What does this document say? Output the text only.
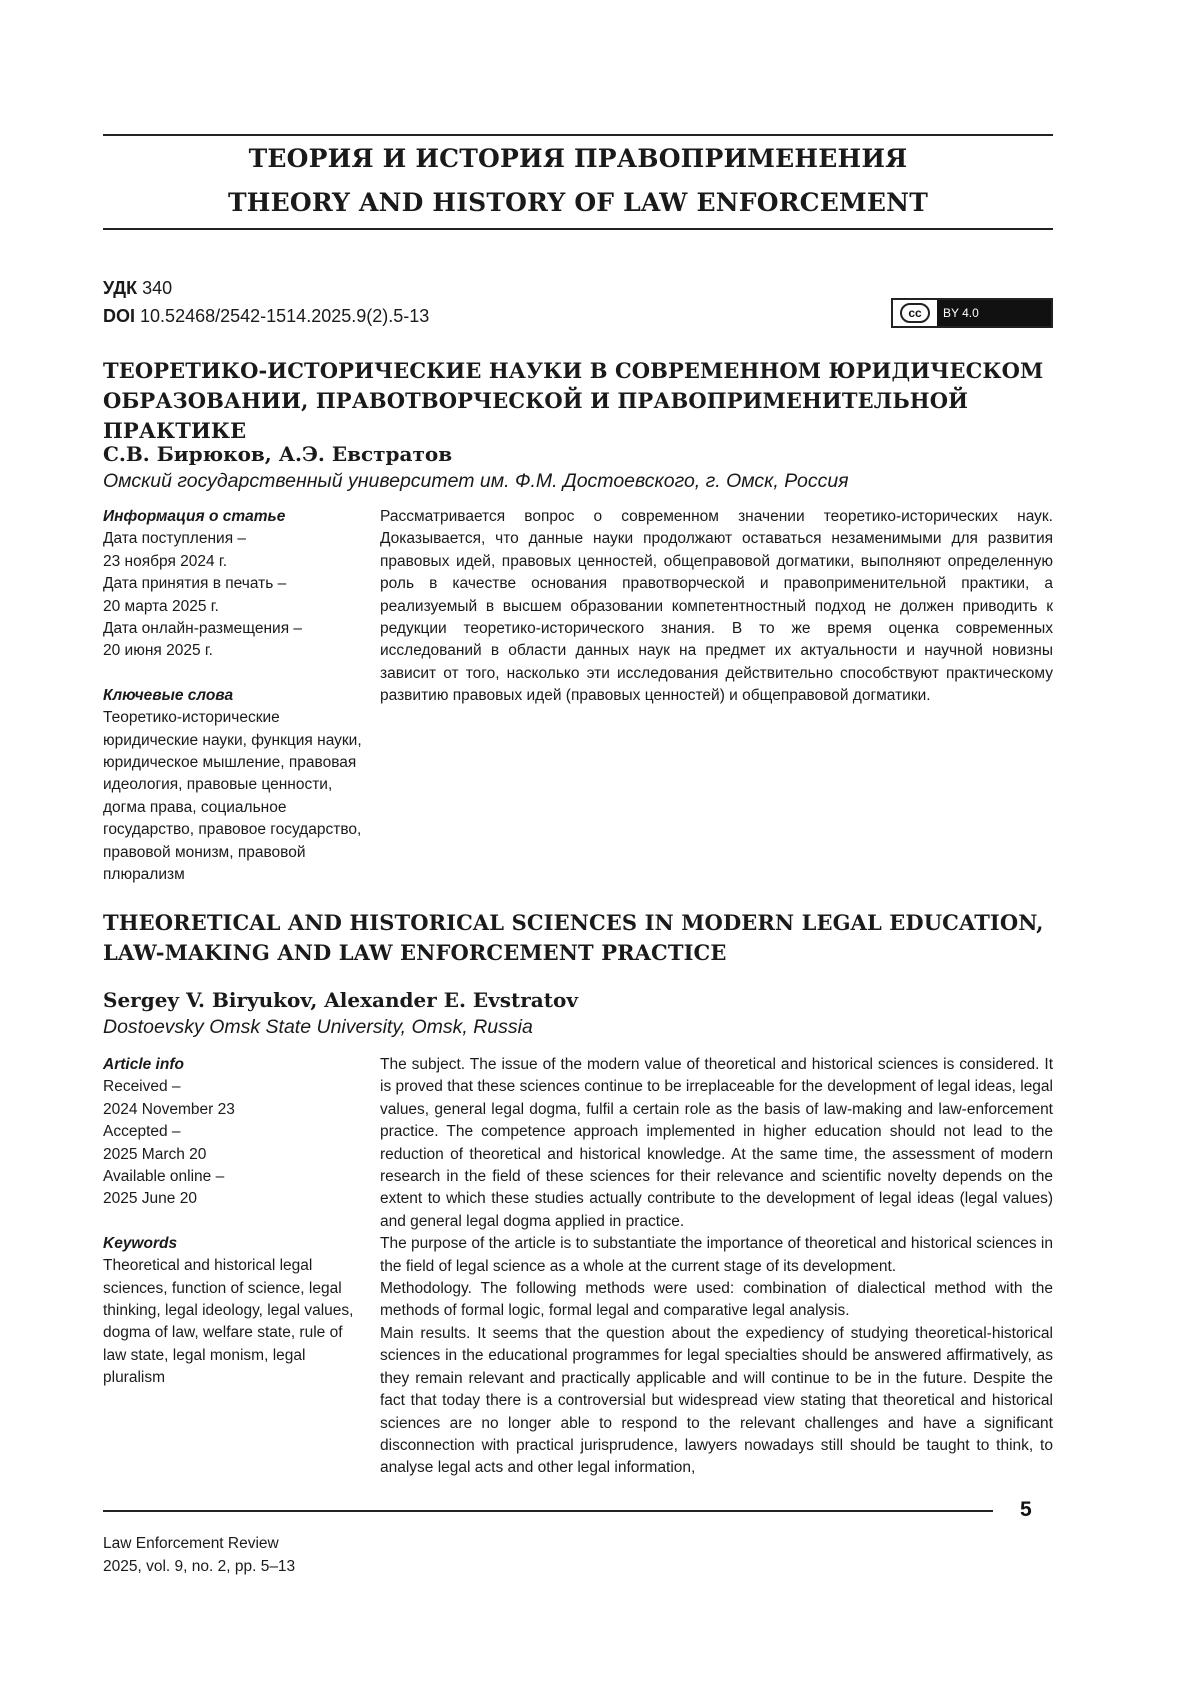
ТЕОРИЯ И ИСТОРИЯ ПРАВОПРИМЕНЕНИЯ
THEORY AND HISTORY OF LAW ENFORCEMENT
УДК 340
DOI 10.52468/2542-1514.2025.9(2).5-13	cc	BY 4.0
ТЕОРЕТИКО-ИСТОРИЧЕСКИЕ НАУКИ В СОВРЕМЕННОМ ЮРИДИЧЕСКОМ
ОБРАЗОВАНИИ, ПРАВОТВОРЧЕСКОЙ И ПРАВОПРИМЕНИТЕЛЬНОЙ ПРАКТИКЕ
С.В. Бирюков, А.Э. Евстратов
Омский государственный университет им. Ф.М. Достоевского, г. Омск, Россия
Информация о статье
Дата поступления –
23 ноября 2024 г.
Дата принятия в печать –
20 марта 2025 г.
Дата онлайн-размещения –
20 июня 2025 г.
Ключевые слова
Теоретико-исторические юридические науки, функция науки, юридическое мышление, правовая идеология, правовые ценности, догма права, социальное государство, правовое государство, правовой монизм, правовой плюрализм

Рассматривается вопрос о современном значении теоретико-исторических наук. Доказывается, что данные науки продолжают оставаться незаменимыми для развития правовых идей, правовых ценностей, общеправовой догматики, выполняют определенную роль в качестве основания правотворческой и правоприменительной практики, а реализуемый в высшем образовании компетентностный подход не должен приводить к редукции теоретико-исторического знания. В то же время оценка современных исследований в области данных наук на предмет их актуальности и научной новизны зависит от того, насколько эти исследования действительно способствуют практическому развитию правовых идей (правовых ценностей) и общеправовой догматики.

THEORETICAL AND HISTORICAL SCIENCES IN MODERN LEGAL EDUCATION,
LAW-MAKING AND LAW ENFORCEMENT PRACTICE
Sergey V. Biryukov, Alexander E. Evstratov
Dostoevsky Omsk State University, Omsk, Russia
Article info
Received –
2024 November 23
Accepted –
2025 March 20
Available online –
2025 June 20
Keywords
Theoretical and historical legal sciences, function of science, legal thinking, legal ideology, legal values, dogma of law, welfare state, rule of law state, legal monism, legal pluralism

The subject. The issue of the modern value of theoretical and historical sciences is considered. It is proved that these sciences continue to be irreplaceable for the development of legal ideas, legal values, general legal dogma, fulfil a certain role as the basis of law-making and law-enforcement practice. The competence approach implemented in higher education should not lead to the reduction of theoretical and historical knowledge. At the same time, the assessment of modern research in the field of these sciences for their relevance and scientific novelty depends on the extent to which these studies actually contribute to the development of legal ideas (legal values) and general legal dogma applied in practice.

The purpose of the article is to substantiate the importance of theoretical and historical sciences in the field of legal science as a whole at the current stage of its development.

Methodology. The following methods were used: combination of dialectical method with the methods of formal logic, formal legal and comparative legal analysis.

Main results. It seems that the question about the expediency of studying theoretical-historical sciences in the educational programmes for legal specialties should be answered affirmatively, as they remain relevant and practically applicable and will continue to be in the future. Despite the fact that today there is a controversial but widespread view stating that theoretical and historical sciences are no longer able to respond to the relevant challenges and have a significant disconnection with practical jurisprudence, lawyers nowadays still should be taught to think, to analyse legal acts and other legal information,

5
Law Enforcement Review
2025, vol. 9, no. 2, pp. 5–13
